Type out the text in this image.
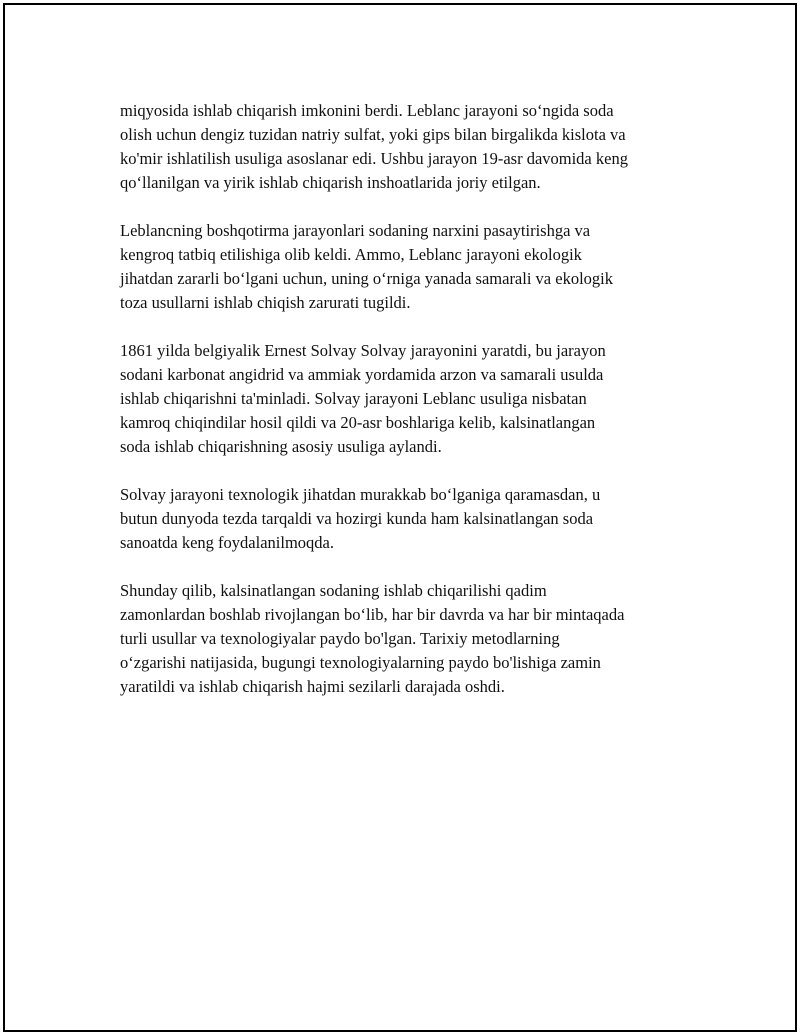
miqyosida ishlab chiqarish imkonini berdi. Leblanc jarayoni so‘ngida soda
olish uchun dengiz tuzidan natriy sulfat, yoki gips bilan birgalikda kislota va
ko'mir ishlatilish usuliga asoslanar edi. Ushbu jarayon 19-asr davomida keng
qo‘llanilgan va yirik ishlab chiqarish inshoatlarida joriy etilgan.

Leblancning boshqotirma jarayonlari sodaning narxini pasaytirishga va
kengroq tatbiq etilishiga olib keldi. Ammo, Leblanc jarayoni ekologik
jihatdan zararli bo‘lgani uchun, uning o‘rniga yanada samarali va ekologik
toza usullarni ishlab chiqish zarurati tugildi.

1861 yilda belgiyalik Ernest Solvay Solvay jarayonini yaratdi, bu jarayon
sodani karbonat angidrid va ammiak yordamida arzon va samarali usulda
ishlab chiqarishni ta'minladi. Solvay jarayoni Leblanc usuliga nisbatan
kamroq chiqindilar hosil qildi va 20-asr boshlariga kelib, kalsinatlangan
soda ishlab chiqarishning asosiy usuliga aylandi.

Solvay jarayoni texnologik jihatdan murakkab bo‘lganiga qaramasdan, u
butun dunyoda tezda tarqaldi va hozirgi kunda ham kalsinatlangan soda
sanoatda keng foydalanilmoqda.

Shunday qilib, kalsinatlangan sodaning ishlab chiqarilishi qadim
zamonlardan boshlab rivojlangan bo‘lib, har bir davrda va har bir mintaqada
turli usullar va texnologiyalar paydo bo'lgan. Tarixiy metodlarning
o‘zgarishi natijasida, bugungi texnologiyalarning paydo bo'lishiga zamin
yaratildi va ishlab chiqarish hajmi sezilarli darajada oshdi.
